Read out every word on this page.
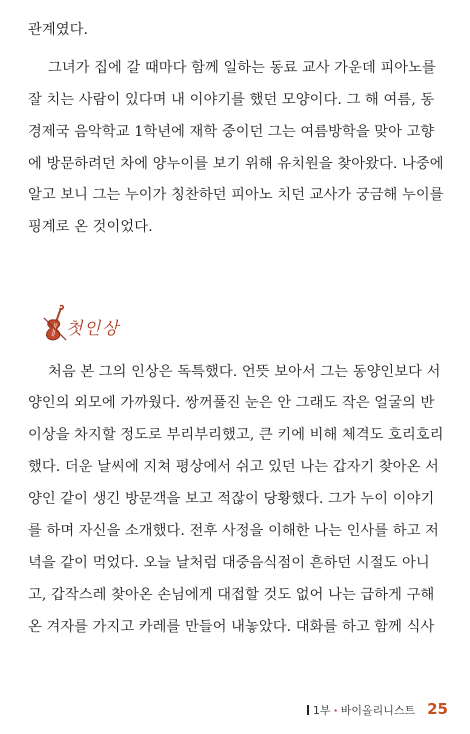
관계였다.
그녀가 집에 갈 때마다 함께 일하는 동료 교사 가운데 피아노를
잘 치는 사람이 있다며 내 이야기를 했던 모양이다. 그 해 여름, 동
경제국 음악학교 1학년에 재학 중이던 그는 여름방학을 맞아 고향
에 방문하려던 차에 양누이를 보기 위해 유치원을 찾아왔다. 나중에
알고 보니 그는 누이가 칭찬하던 피아노 치던 교사가 궁금해 누이를
핑계로 온 것이었다.
처음 본 그의 인상은 독특했다. 언뜻 보아서 그는 동양인보다 서
양인의 외모에 가까웠다. 쌍꺼풀진 눈은 안 그래도 작은 얼굴의 반
이상을 차지할 정도로 부리부리했고, 큰 키에 비해 체격도 호리호리
했다. 더운 날씨에 지쳐 평상에서 쉬고 있던 나는 갑자기 찾아온 서
양인 같이 생긴 방문객을 보고 적잖이 당황했다. 그가 누이 이야기
를 하며 자신을 소개했다. 전후 사정을 이해한 나는 인사를 하고 저
녁을 같이 먹었다. 오늘 날처럼 대중음식점이 흔하던 시절도 아니
고, 갑작스레 찾아온 손님에게 대접할 것도 없어 나는 급하게 구해
온 겨자를 가지고 카레를 만들어 내놓았다. 대화를 하고 함께 식사
첫인상
1부 · 바이올리니스트 25
